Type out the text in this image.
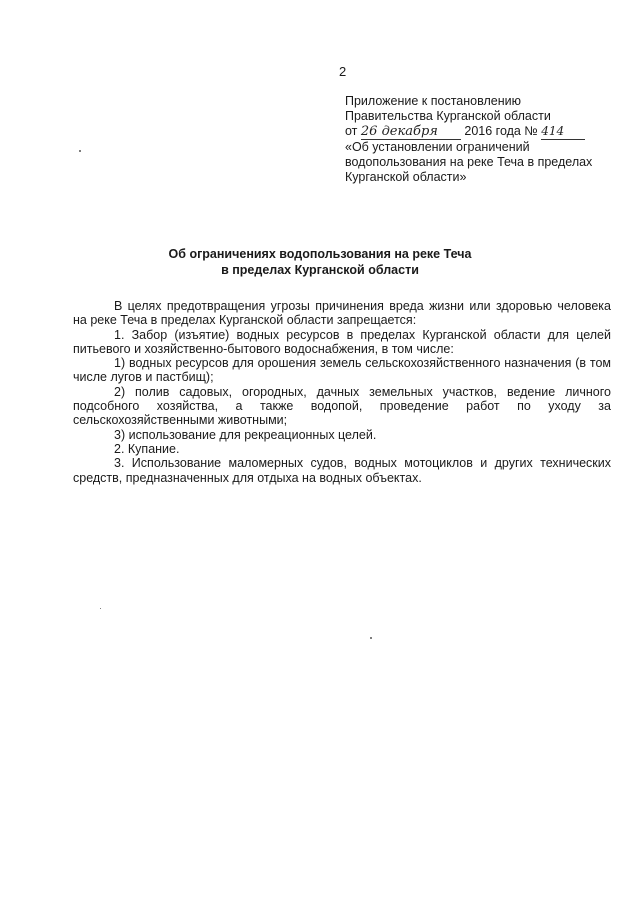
2
Приложение к постановлению
Правительства Курганской области
от 26 декабря 2016 года № 414
«Об установлении ограничений
водопользования на реке Теча в пределах
Курганской области»
Об ограничениях водопользования на реке Теча
в пределах Курганской области

В целях предотвращения угрозы причинения вреда жизни или здоровью человека на реке Теча в пределах Курганской области запрещается:

1. Забор (изъятие) водных ресурсов в пределах Курганской области для целей питьевого и хозяйственно-бытового водоснабжения, в том числе:

1) водных ресурсов для орошения земель сельскохозяйственного назначения (в том числе лугов и пастбищ);

2) полив садовых, огородных, дачных земельных участков, ведение личного подсобного хозяйства, а также водопой, проведение работ по уходу за сельскохозяйственными животными;

3) использование для рекреационных целей.

2. Купание.

3. Использование маломерных судов, водных мотоциклов и других технических средств, предназначенных для отдыха на водных объектах.
